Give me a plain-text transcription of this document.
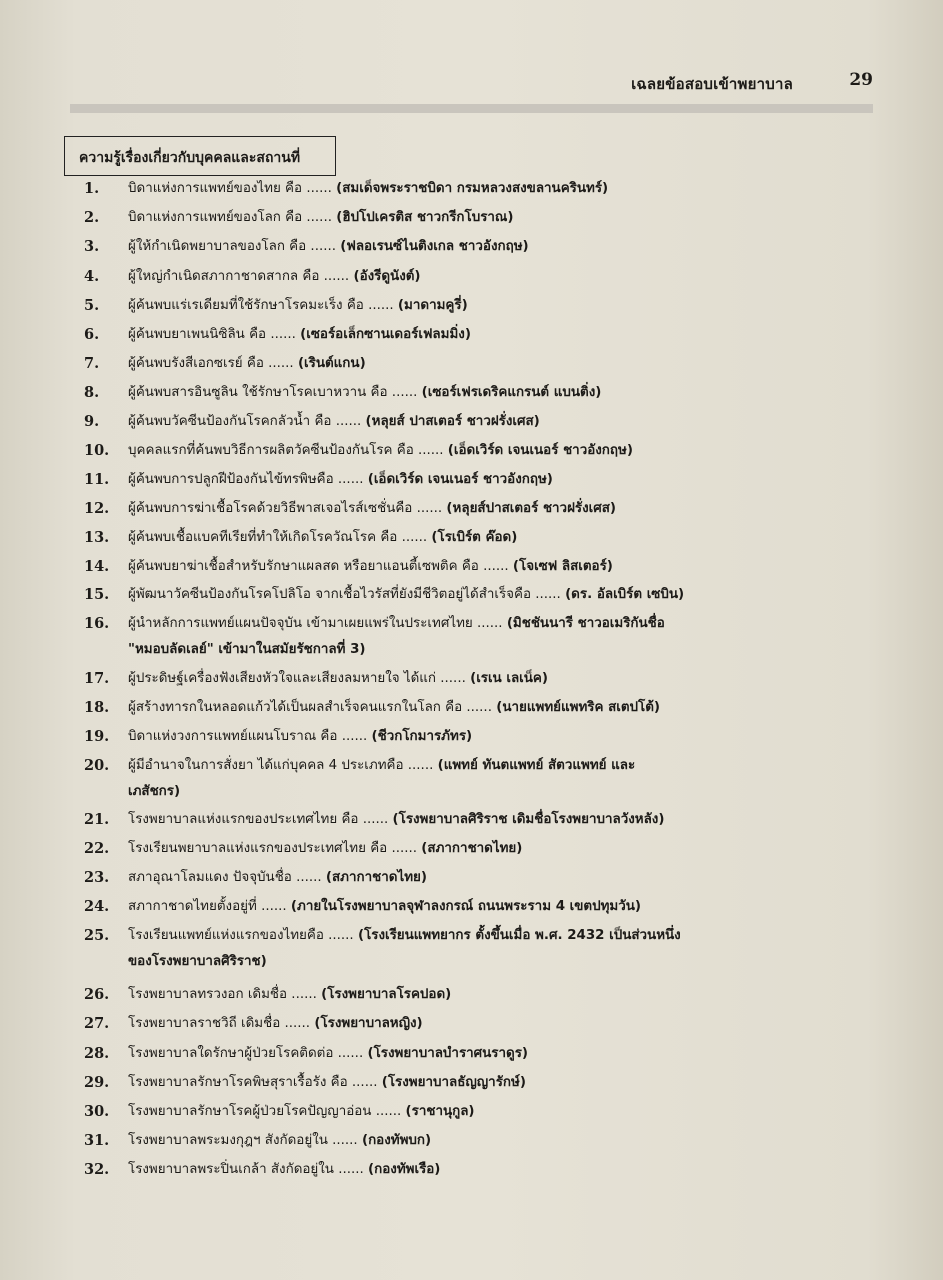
เฉลยข้อสอบเข้าพยาบาล	29
ความรู้เรื่องเกี่ยวกับบุคคลและสถานที่
1.	บิดาแห่งการแพทย์ของไทย คือ ...... (สมเด็จพระราชบิดา กรมหลวงสงขลานครินทร์)
2.	บิดาแห่งการแพทย์ของโลก คือ ...... (ฮิปโปเครติส ชาวกรีกโบราณ)
3.	ผู้ให้กำเนิดพยาบาลของโลก คือ ...... (ฟลอเรนซ์ไนติงเกล ชาวอังกฤษ)
4.	ผู้ใหญ่กำเนิดสภากาชาดสากล คือ ...... (อังรีดูนังต์)
5.	ผู้ค้นพบแร่เรเดียมที่ใช้รักษาโรคมะเร็ง คือ ...... (มาดามคูรี่)
6.	ผู้ค้นพบยาเพนนิซิลิน คือ ...... (เซอร์อเล็กซานเดอร์เฟลมมิ่ง)
7.	ผู้ค้นพบรังสีเอกซเรย์ คือ ...... (เรินต์แกน)
8.	ผู้ค้นพบสารอินซูลิน ใช้รักษาโรคเบาหวาน คือ ...... (เซอร์เฟรเดริคแกรนต์ แบนติ่ง)
9.	ผู้ค้นพบวัคซีนป้องกันโรคกลัวน้ำ คือ ...... (หลุยส์ ปาสเตอร์ ชาวฝรั่งเศส)
10.	บุคคลแรกที่ค้นพบวิธีการผลิตวัคซีนป้องกันโรค คือ ...... (เอ็ดเวิร์ด เจนเนอร์ ชาวอังกฤษ)
11.	ผู้ค้นพบการปลูกฝีป้องกันไข้ทรพิษคือ ...... (เอ็ดเวิร์ด เจนเนอร์ ชาวอังกฤษ)
12.	ผู้ค้นพบการฆ่าเชื้อโรคด้วยวิธีพาสเจอไรส์เซชั่นคือ ...... (หลุยส์ปาสเตอร์ ชาวฝรั่งเศส)
13.	ผู้ค้นพบเชื้อแบคทีเรียที่ทำให้เกิดโรควัณโรค คือ ...... (โรเบิร์ต ค๊อด)
14.	ผู้ค้นพบยาฆ่าเชื้อสำหรับรักษาแผลสด หรือยาแอนตี้เซพติค คือ ...... (โจเซฟ ลิสเตอร์)
15.	ผู้พัฒนาวัคซีนป้องกันโรคโปลิโอ จากเชื้อไวรัสที่ยังมีชีวิตอยู่ได้สำเร็จคือ ...... (ดร. อัลเบิร์ต เซบิน)
16.	ผู้นำหลักการแพทย์แผนปัจจุบัน เข้ามาเผยแพร่ในประเทศไทย ...... (มิชชันนารี ชาวอเมริกันชื่อ
"หมอบลัดเลย์" เข้ามาในสมัยรัชกาลที่ 3)
17.	ผู้ประดิษฐ์เครื่องฟังเสียงหัวใจและเสียงลมหายใจ ได้แก่ ...... (เรเน เลเน็ค)
18.	ผู้สร้างทารกในหลอดแก้วได้เป็นผลสำเร็จคนแรกในโลก คือ ...... (นายแพทย์แพทริค สเตปโต้)
19.	บิดาแห่งวงการแพทย์แผนโบราณ คือ ...... (ชีวกโกมารภัทร)
20.	ผู้มีอำนาจในการสั่งยา ได้แก่บุคคล 4 ประเภทคือ ...... (แพทย์ ทันตแพทย์ สัตวแพทย์ และ
เภสัชกร)
21.	โรงพยาบาลแห่งแรกของประเทศไทย คือ ...... (โรงพยาบาลศิริราช เดิมชื่อโรงพยาบาลวังหลัง)
22.	โรงเรียนพยาบาลแห่งแรกของประเทศไทย คือ ...... (สภากาชาดไทย)
23.	สภาอุณาโลมแดง ปัจจุบันชื่อ ...... (สภากาชาดไทย)
24.	สภากาชาดไทยตั้งอยู่ที่ ...... (ภายในโรงพยาบาลจุฬาลงกรณ์ ถนนพระราม 4 เขตปทุมวัน)
25.	โรงเรียนแพทย์แห่งแรกของไทยคือ ...... (โรงเรียนแพทยากร ตั้งขึ้นเมื่อ พ.ศ. 2432 เป็นส่วนหนึ่ง
ของโรงพยาบาลศิริราช)
26.	โรงพยาบาลทรวงอก เดิมชื่อ ...... (โรงพยาบาลโรคปอด)
27.	โรงพยาบาลราชวิถี เดิมชื่อ ...... (โรงพยาบาลหญิง)
28.	โรงพยาบาลใดรักษาผู้ป่วยโรคติดต่อ ...... (โรงพยาบาลบำราศนราดูร)
29.	โรงพยาบาลรักษาโรคพิษสุราเรื้อรัง คือ ...... (โรงพยาบาลธัญญารักษ์)
30.	โรงพยาบาลรักษาโรคผู้ป่วยโรคปัญญาอ่อน ...... (ราชานุกูล)
31.	โรงพยาบาลพระมงกุฎฯ สังกัดอยู่ใน ...... (กองทัพบก)
32.	โรงพยาบาลพระปิ่นเกล้า สังกัดอยู่ใน ...... (กองทัพเรือ)
